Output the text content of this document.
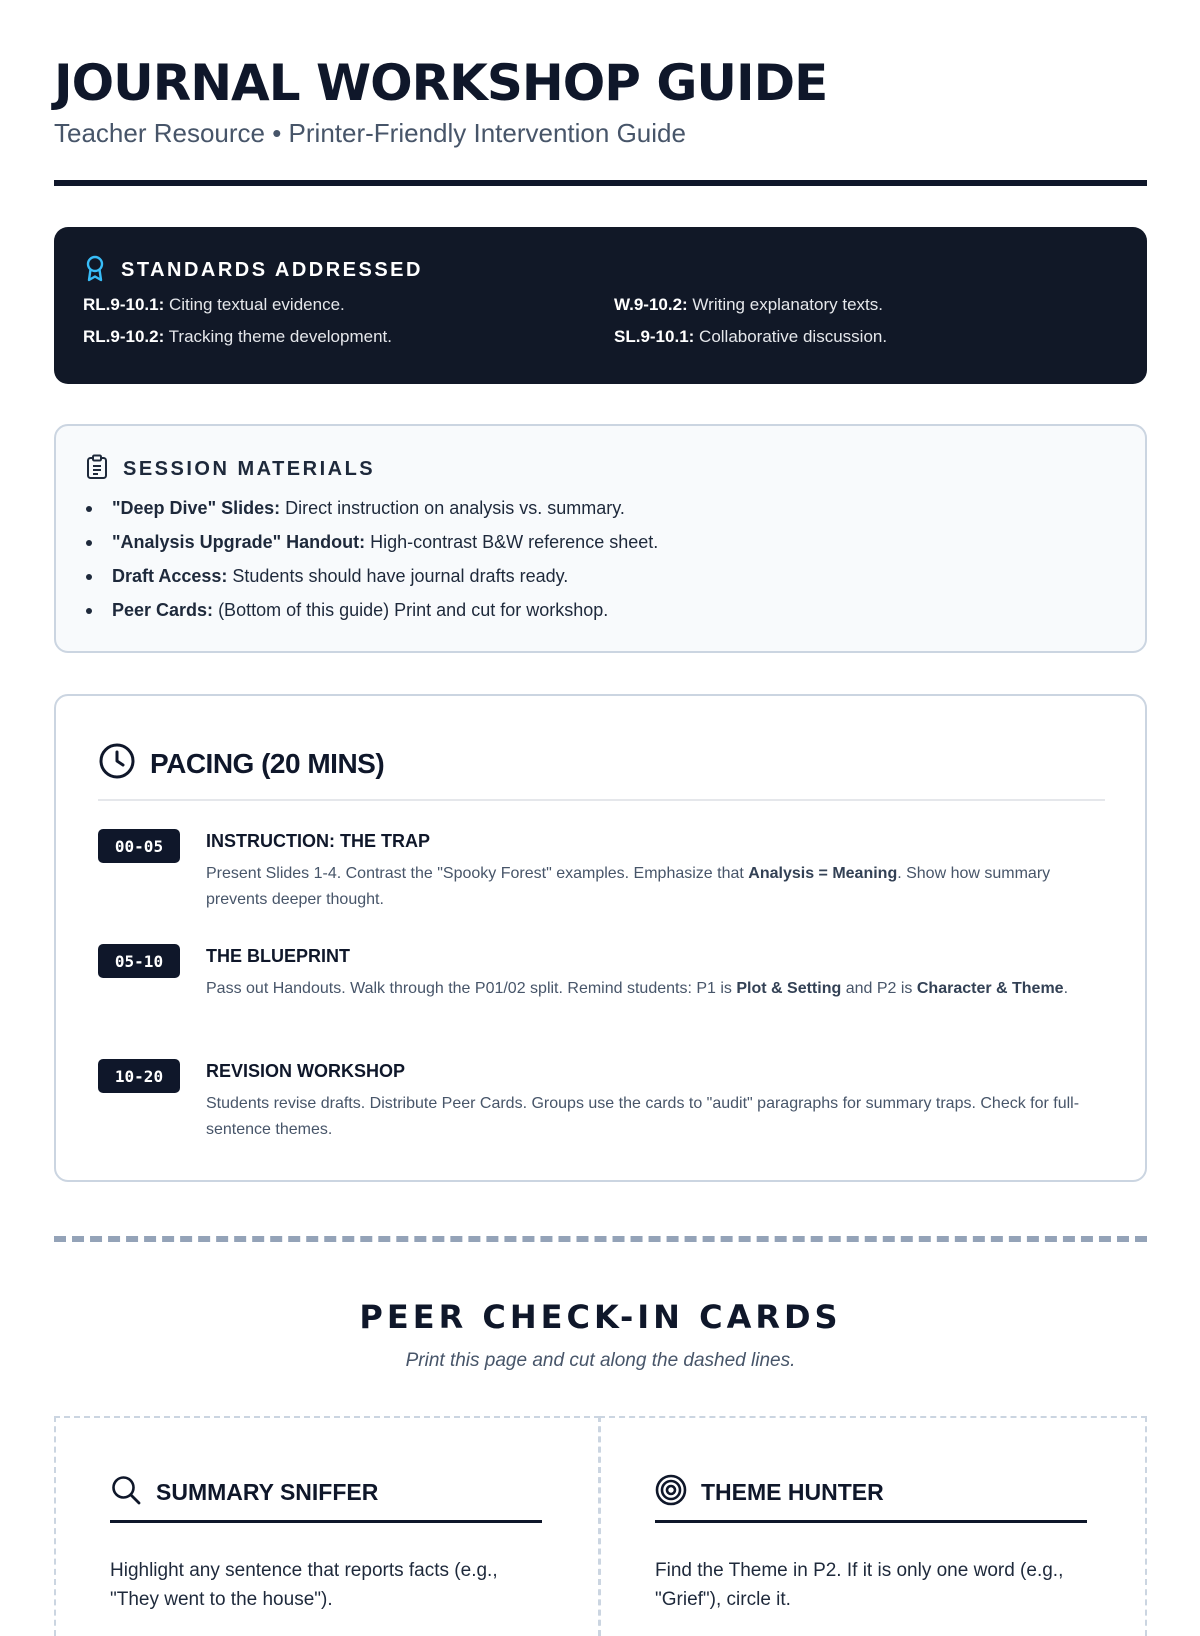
JOURNAL WORKSHOP GUIDE
Teacher Resource • Printer-Friendly Intervention Guide
STANDARDS ADDRESSED
RL.9-10.1: Citing textual evidence.
RL.9-10.2: Tracking theme development.
W.9-10.2: Writing explanatory texts.
SL.9-10.1: Collaborative discussion.
SESSION MATERIALS
"Deep Dive" Slides: Direct instruction on analysis vs. summary.
"Analysis Upgrade" Handout: High-contrast B&W reference sheet.
Draft Access: Students should have journal drafts ready.
Peer Cards: (Bottom of this guide) Print and cut for workshop.
PACING (20 MINS)
00-05	INSTRUCTION: THE TRAP
Present Slides 1-4. Contrast the "Spooky Forest" examples. Emphasize that Analysis = Meaning. Show how summary prevents deeper thought.
05-10	THE BLUEPRINT
Pass out Handouts. Walk through the P01/02 split. Remind students: P1 is Plot & Setting and P2 is Character & Theme.
10-20	REVISION WORKSHOP
Students revise drafts. Distribute Peer Cards. Groups use the cards to "audit" paragraphs for summary traps. Check for full-sentence themes.
PEER CHECK-IN CARDS
Print this page and cut along the dashed lines.
SUMMARY SNIFFER
Highlight any sentence that reports facts (e.g., "They went to the house").
THEME HUNTER
Find the Theme in P2. If it is only one word (e.g., "Grief"), circle it.
